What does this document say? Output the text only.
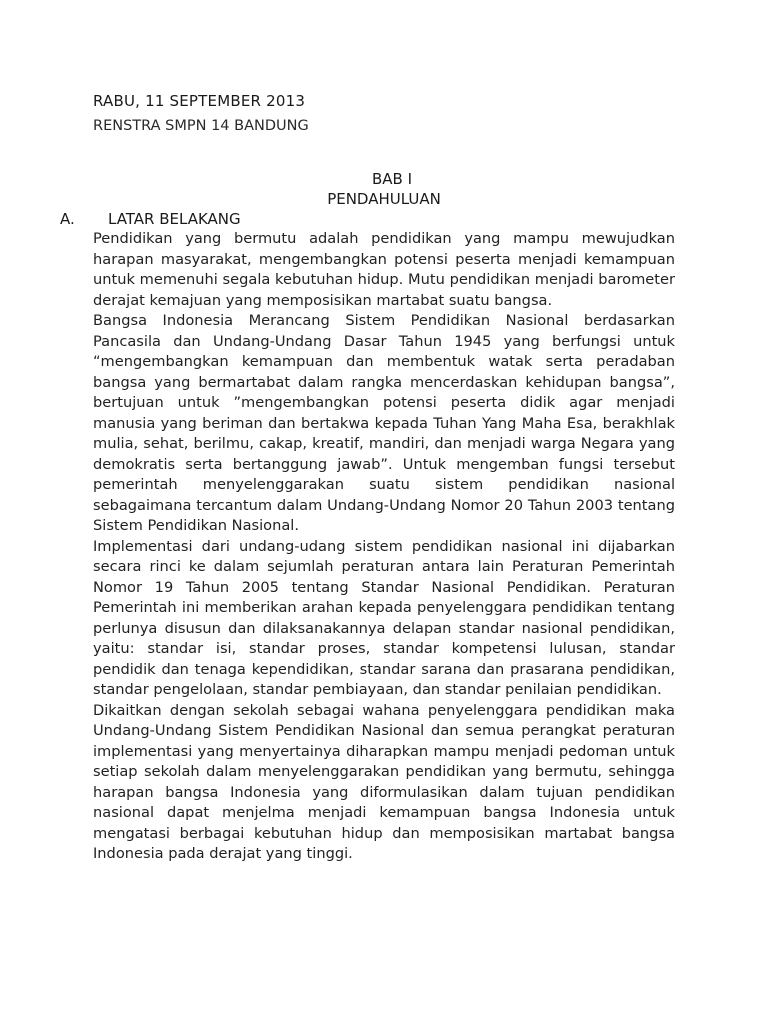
RABU, 11 SEPTEMBER 2013
RENSTRA SMPN 14 BANDUNG
BAB I
PENDAHULUAN
A. LATAR BELAKANG

Pendidikan yang bermutu adalah pendidikan yang mampu mewujudkan harapan masyarakat, mengembangkan potensi peserta menjadi kemampuan untuk memenuhi segala kebutuhan hidup. Mutu pendidikan menjadi barometer derajat kemajuan yang memposisikan martabat suatu bangsa.

Bangsa Indonesia Merancang Sistem Pendidikan Nasional berdasarkan Pancasila dan Undang-Undang Dasar Tahun 1945 yang berfungsi untuk “mengembangkan kemampuan dan membentuk watak serta peradaban bangsa yang bermartabat dalam rangka mencerdaskan kehidupan bangsa”, bertujuan untuk ”mengembangkan potensi peserta didik agar menjadi manusia yang beriman dan bertakwa kepada Tuhan Yang Maha Esa, berakhlak mulia, sehat, berilmu, cakap, kreatif, mandiri, dan menjadi warga Negara yang demokratis serta bertanggung jawab”. Untuk mengemban fungsi tersebut pemerintah menyelenggarakan suatu sistem pendidikan nasional sebagaimana tercantum dalam Undang-Undang Nomor 20 Tahun 2003 tentang Sistem Pendidikan Nasional.

Implementasi dari undang-udang sistem pendidikan nasional ini dijabarkan secara rinci ke dalam sejumlah peraturan antara lain Peraturan Pemerintah Nomor 19 Tahun 2005 tentang Standar Nasional Pendidikan. Peraturan Pemerintah ini memberikan arahan kepada penyelenggara pendidikan tentang perlunya disusun dan dilaksanakannya delapan standar nasional pendidikan, yaitu: standar isi, standar proses, standar kompetensi lulusan, standar pendidik dan tenaga kependidikan, standar sarana dan prasarana pendidikan, standar pengelolaan, standar pembiayaan, dan standar penilaian pendidikan.

Dikaitkan dengan sekolah sebagai wahana penyelenggara pendidikan maka Undang-Undang Sistem Pendidikan Nasional dan semua perangkat peraturan implementasi yang menyertainya diharapkan mampu menjadi pedoman untuk setiap sekolah dalam menyelenggarakan pendidikan yang bermutu, sehingga harapan bangsa Indonesia yang diformulasikan dalam tujuan pendidikan nasional dapat menjelma menjadi kemampuan bangsa Indonesia untuk mengatasi berbagai kebutuhan hidup dan memposisikan martabat bangsa Indonesia pada derajat yang tinggi.
